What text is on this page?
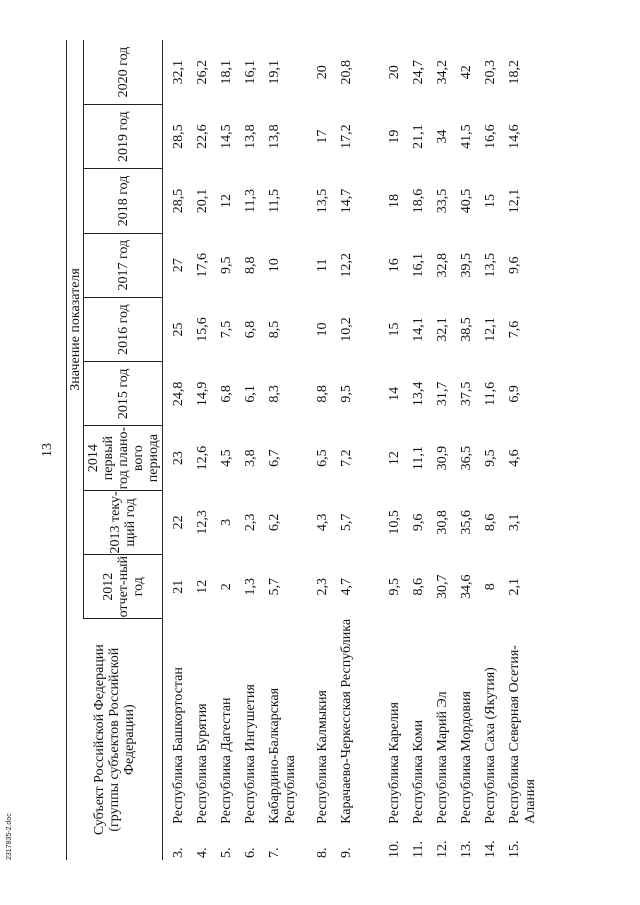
13
Субъект Российской Федерации (группы субъектов Российской Федерации)		Значение показателя								
		2012 отчет-ный год	2013 теку-щий год	2014 первый год плано-вого периода	2015 год	2016 год	2017 год	2018 год	2019 год	2020 год

3.	Республика Башкортостан	21	22	23	24,8	25	27	28,5	28,5	32,1
4.	Республика Бурятия	12	12,3	12,6	14,9	15,6	17,6	20,1	22,6	26,2
5.	Республика Дагестан	2	3	4,5	6,8	7,5	9,5	12	14,5	18,1
6.	Республика Ингушетия	1,3	2,3	3,8	6,1	6,8	8,8	11,3	13,8	16,1
7.	Кабардино-Балкарская Республика	5,7	6,2	6,7	8,3	8,5	10	11,5	13,8	19,1

8.	Республика Калмыкия	2,3	4,3	6,5	8,8	10	11	13,5	17	20
9.	Карачаево-Черкесская Республика	4,7	5,7	7,2	9,5	10,2	12,2	14,7	17,2	20,8

10.	Республика Карелия	9,5	10,5	12	14	15	16	18	19	20
11.	Республика Коми	8,6	9,6	11,1	13,4	14,1	16,1	18,6	21,1	24,7
12.	Республика Марий Эл	30,7	30,8	30,9	31,7	32,1	32,8	33,5	34	34,2
13.	Республика Мордовия	34,6	35,6	36,5	37,5	38,5	39,5	40,5	41,5	42
14.	Республика Саха (Якутия)	8	8,6	9,5	11,6	12,1	13,5	15	16,6	20,3
15.	Республика Северная Осетия-Алания	2,1	3,1	4,6	6,9	7,6	9,6	12,1	14,6	18,2
2317835-2.doc
